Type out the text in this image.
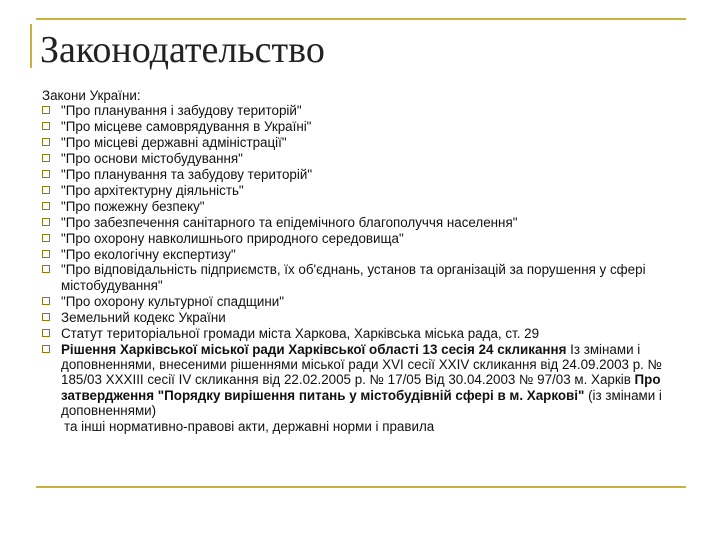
Законодательство

Закони України:

"Про планування і забудову територій"
"Про місцеве самоврядування в Україні"
"Про місцеві державні адміністрації"
"Про основи містобудування"
"Про планування та забудову територій"
"Про архітектурну діяльність"
"Про пожежну безпеку"
"Про забезпечення санітарного та епідемічного благополуччя населення"
"Про охорону навколишнього природного середовища"
"Про екологічну експертизу"
"Про відповідальність підприємств, їх об'єднань, установ та організацій за порушення у сфері містобудування"
"Про охорону культурної спадщини"
Земельний кодекс України
Статут територіальної громади міста Харкова, Харківська міська рада, ст. 29
Рішення Харківської міської ради Харківської області 13 сесія 24 скликання Із змінами і доповненнями, внесеними рішеннями міської ради XVI сесії XXIV скликання від 24.09.2003 р. № 185/03 XXXIII сесії IV скликання від 22.02.2005 р. № 17/05 Від 30.04.2003 № 97/03 м. Харків Про затвердження "Порядку вирішення питань у містобудівній сфері в м. Харкові" (із змінами і доповненнями)

та інші нормативно-правові акти, державні норми і правила
